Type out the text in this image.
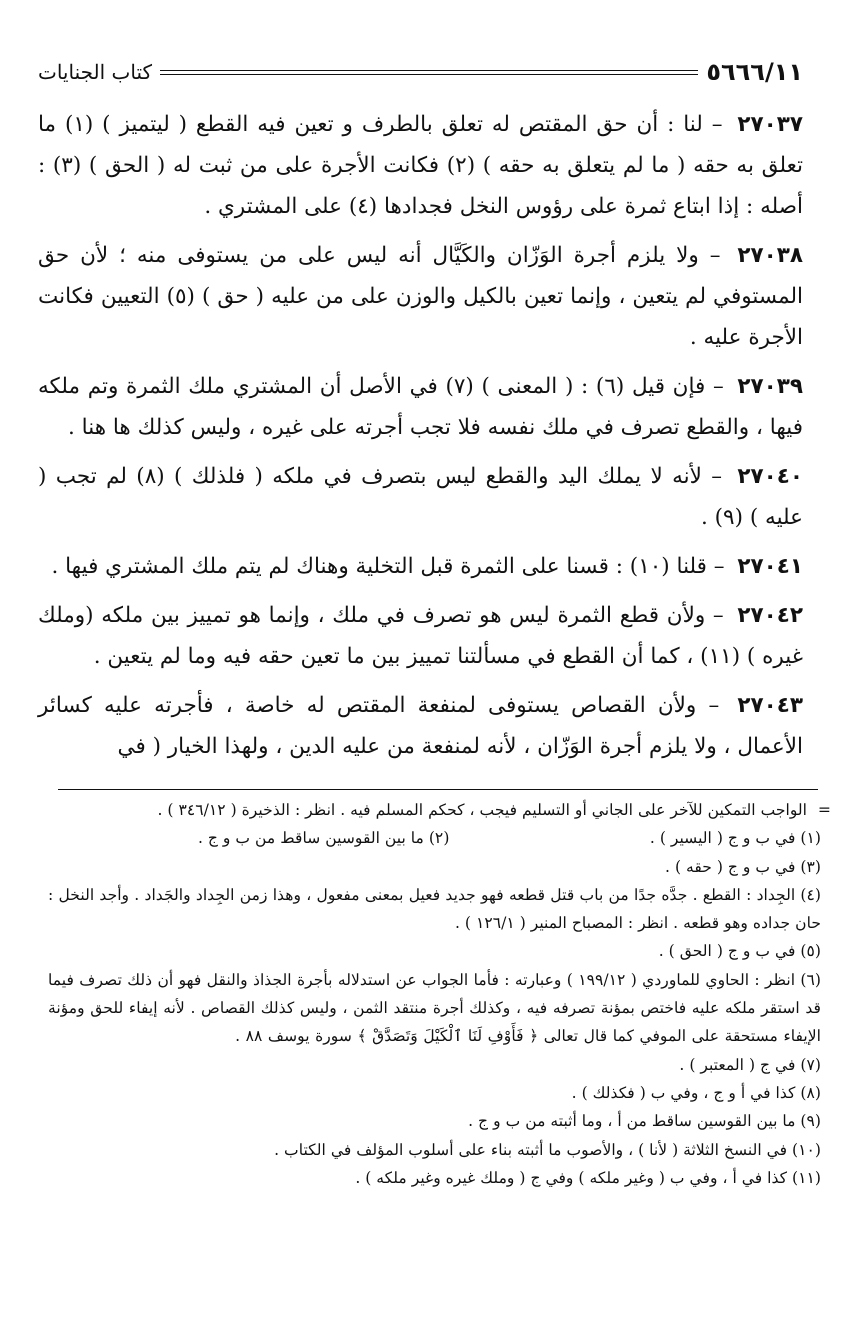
٥٦٦٦/١١
كتاب الجنايات

٢٧٠٣٧ – لنا : أن حق المقتص له تعلق بالطرف و تعين فيه القطع ( ليتميز ) (١) ما تعلق به حقه ( ما لم يتعلق به حقه ) (٢) فكانت الأجرة على من ثبت له ( الحق ) (٣) : أصله : إذا ابتاع ثمرة على رؤوس النخل فجدادها (٤) على المشتري .

٢٧٠٣٨ – ولا يلزم أجرة الوَزّان والكَيَّال أنه ليس على من يستوفى منه ؛ لأن حق المستوفي لم يتعين ، وإنما تعين بالكيل والوزن على من عليه ( حق ) (٥) التعيين فكانت الأجرة عليه .

٢٧٠٣٩ – فإن قيل (٦) : ( المعنى ) (٧) في الأصل أن المشتري ملك الثمرة وتم ملكه فيها ، والقطع تصرف في ملك نفسه فلا تجب أجرته على غيره ، وليس كذلك ها هنا .

٢٧٠٤٠ – لأنه لا يملك اليد والقطع ليس بتصرف في ملكه ( فلذلك ) (٨) لم تجب ( عليه ) (٩) .

٢٧٠٤١ – قلنا (١٠) : قسنا على الثمرة قبل التخلية وهناك لم يتم ملك المشتري فيها .

٢٧٠٤٢ – ولأن قطع الثمرة ليس هو تصرف في ملك ، وإنما هو تمييز بين ملكه (وملك غيره ) (١١) ، كما أن القطع في مسألتنا تمييز بين ما تعين حقه فيه وما لم يتعين .

٢٧٠٤٣ – ولأن القصاص يستوفى لمنفعة المقتص له خاصة ، فأجرته عليه كسائر الأعمال ، ولا يلزم أجرة الوَزّان ، لأنه لمنفعة من عليه الدين ، ولهذا الخيار ( في

= الواجب التمكين للآخر على الجاني أو التسليم فيجب ، كحكم المسلم فيه . انظر : الذخيرة ( ٣٤٦/١٢ ) .

(١) في ب و ج ( اليسير ) .

(٢) ما بين القوسين ساقط من ب و ج .

(٣) في ب و ج ( حقه ) .

(٤) الجِداد : القطع . جدَّه جدًا من باب قتل قطعه فهو جديد فعيل بمعنى مفعول ، وهذا زمن الجِداد والجَداد . وأجد النخل : حان جداده وهو قطعه . انظر : المصباح المنير ( ١٢٦/١ ) .

(٥) في ب و ج ( الحق ) .

(٦) انظر : الحاوي للماوردي ( ١٩٩/١٢ ) وعبارته : فأما الجواب عن استدلاله بأجرة الجذاذ والنقل فهو أن ذلك تصرف فيما قد استقر ملكه عليه فاختص بمؤنة تصرفه فيه ، وكذلك أجرة منتقد الثمن ، وليس كذلك القصاص . لأنه إيفاء للحق ومؤنة الإيفاء مستحقة على الموفي كما قال تعالى ﴿ فَأَوْفِ لَنَا ٱلْكَيْلَ وَتَصَدَّقْ ﴾ سورة يوسف ٨٨ .            (٧) في ج ( المعتبر ) .

(٨) كذا في أ و ج ، وفي ب ( فكذلك ) .

(٩) ما بين القوسين ساقط من أ ، وما أثبته من ب و ج .

(١٠) في النسخ الثلاثة ( لأنا ) ، والأصوب ما أثبته بناء على أسلوب المؤلف في الكتاب .

(١١) كذا في أ ، وفي ب ( وغير ملكه ) وفي ج ( وملك غيره وغير ملكه ) .
